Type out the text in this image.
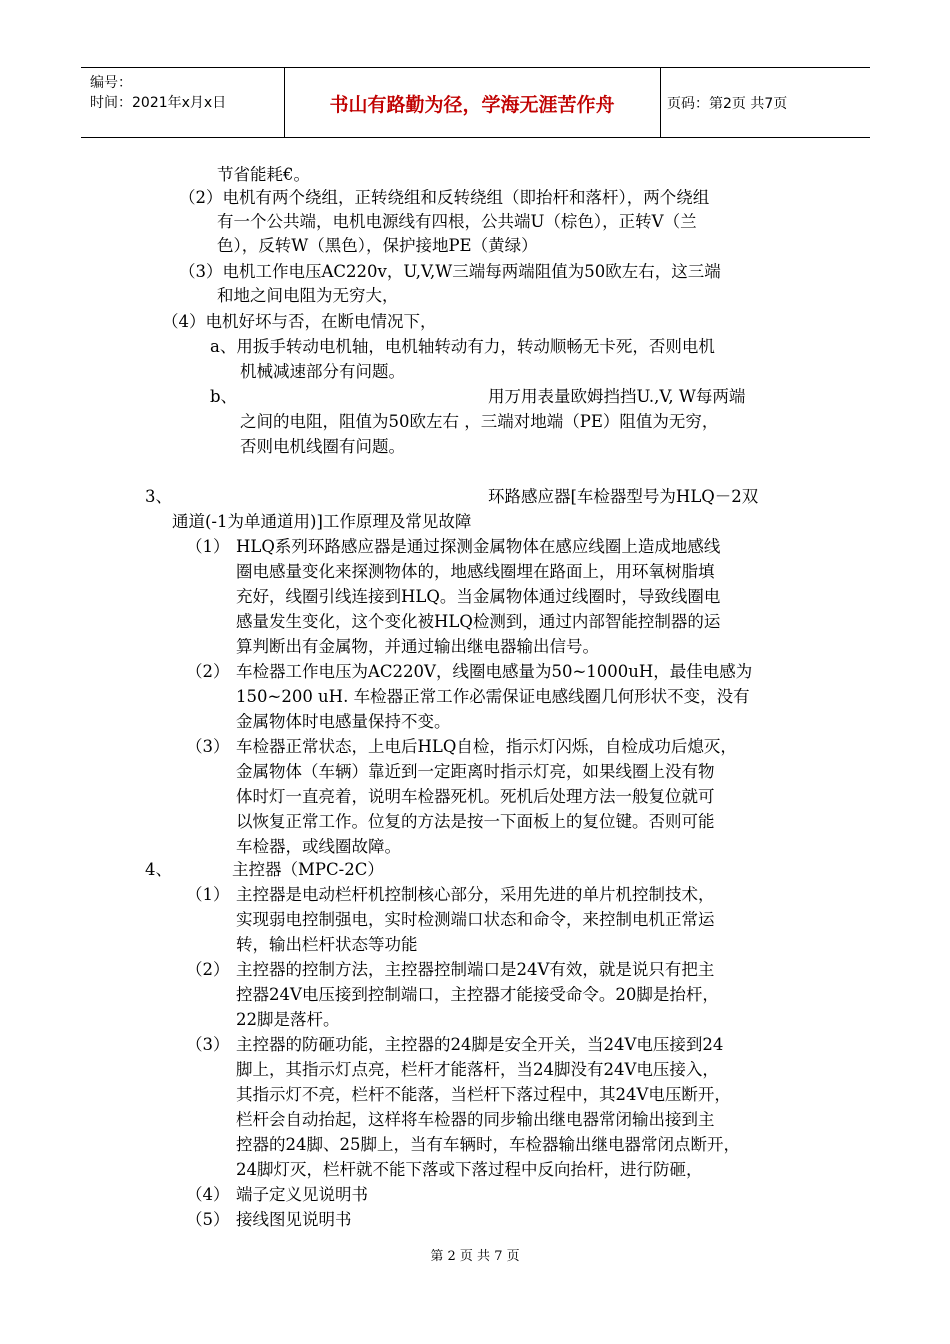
编号：
时间：2021年x月x日	书山有路勤为径，学海无涯苦作舟	页码：第2页 共7页
节省能耗€。
（2）电机有两个绕组，正转绕组和反转绕组（即抬杆和落杆），两个绕组
有一个公共端，电机电源线有四根，公共端U（棕色），正转V（兰
色），反转W（黑色），保护接地PE（黄绿）
（3）电机工作电压AC220v，U,V,W三端每两端阻值为50欧左右，这三端
和地之间电阻为无穷大，
（4）电机好坏与否，在断电情况下，
a、用扳手转动电机轴，电机轴转动有力，转动顺畅无卡死，否则电机
机械减速部分有问题。
b、	用万用表量欧姆挡挡U.,V, W每两端
之间的电阻，阻值为50欧左右 ，三端对地端（PE）阻值为无穷，
否则电机线圈有问题。
3、	环路感应器[车检器型号为HLQ－2双
通道(-1为单通道用)]工作原理及常见故障
（1） HLQ系列环路感应器是通过探测金属物体在感应线圈上造成地感线
圈电感量变化来探测物体的，地感线圈埋在路面上，用环氧树脂填
充好，线圈引线连接到HLQ。当金属物体通过线圈时，导致线圈电
感量发生变化，这个变化被HLQ检测到，通过内部智能控制器的运
算判断出有金属物，并通过输出继电器输出信号。
（2） 车检器工作电压为AC220V，线圈电感量为50~1000uH，最佳电感为
150~200 uH. 车检器正常工作必需保证电感线圈几何形状不变，没有
金属物体时电感量保持不变。
（3） 车检器正常状态，上电后HLQ自检，指示灯闪烁，自检成功后熄灭，
金属物体（车辆）靠近到一定距离时指示灯亮，如果线圈上没有物
体时灯一直亮着，说明车检器死机。死机后处理方法一般复位就可
以恢复正常工作。位复的方法是按一下面板上的复位键。否则可能
车检器，或线圈故障。
4、	主控器（MPC-2C）
（1） 主控器是电动栏杆机控制核心部分，采用先进的单片机控制技术，
实现弱电控制强电，实时检测端口状态和命令，来控制电机正常运
转，输出栏杆状态等功能
（2） 主控器的控制方法，主控器控制端口是24V有效，就是说只有把主
控器24V电压接到控制端口，主控器才能接受命令。20脚是抬杆，
22脚是落杆。
（3） 主控器的防砸功能，主控器的24脚是安全开关，当24V电压接到24
脚上，其指示灯点亮，栏杆才能落杆，当24脚没有24V电压接入，
其指示灯不亮，栏杆不能落，当栏杆下落过程中，其24V电压断开，
栏杆会自动抬起，这样将车检器的同步输出继电器常闭输出接到主
控器的24脚、25脚上，当有车辆时，车检器输出继电器常闭点断开，
24脚灯灭，栏杆就不能下落或下落过程中反向抬杆，进行防砸，
（4） 端子定义见说明书
（5） 接线图见说明书
第 2 页 共 7 页
